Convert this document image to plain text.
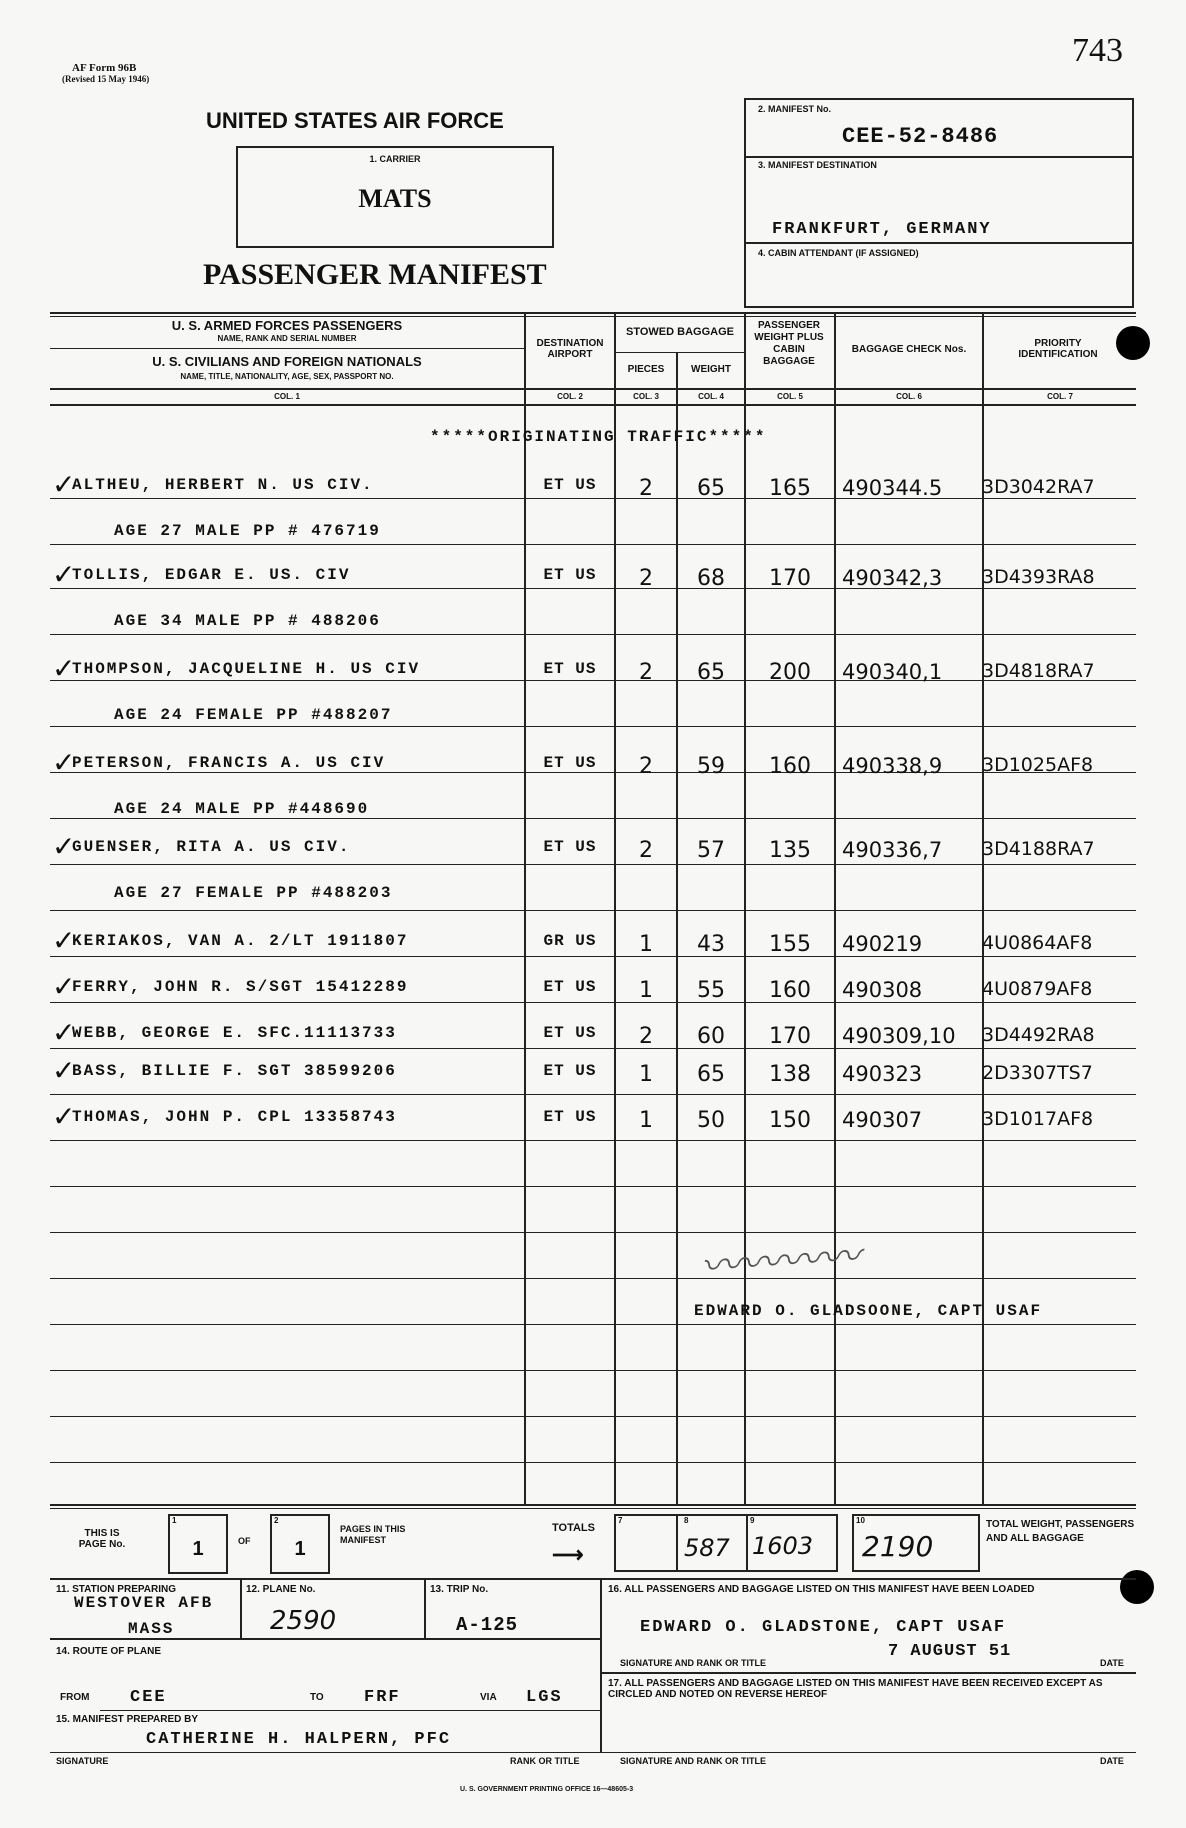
743
AF Form 96B
(Revised 15 May 1946)
UNITED STATES AIR FORCE
1. CARRIER
MATS
PASSENGER MANIFEST
2. MANIFEST No.
CEE-52-8486
3. MANIFEST DESTINATION
FRANKFURT, GERMANY
4. CABIN ATTENDANT (IF ASSIGNED)
U. S. ARMED FORCES PASSENGERS
NAME, RANK AND SERIAL NUMBER
U. S. CIVILIANS AND FOREIGN NATIONALS
NAME, TITLE, NATIONALITY, AGE, SEX, PASSPORT NO.
DESTINATION AIRPORT
STOWED BAGGAGE
PIECES	WEIGHT
PASSENGER WEIGHT PLUS CABIN BAGGAGE
BAGGAGE CHECK Nos.
PRIORITY IDENTIFICATION
COL. 1	COL. 2	COL. 3	COL. 4	COL. 5	COL. 6	COL. 7
*****ORIGINATING TRAFFIC*****
✓
ALTHEU, HERBERT N. US CIV.	ET US	2	65	165	490344.5 3D3042RA7
AGE 27 MALE PP # 476719
✓
TOLLIS, EDGAR E. US. CIV	ET US	2	68	170	490342,3 3D4393RA8
AGE 34 MALE PP # 488206
✓
THOMPSON, JACQUELINE H. US CIV	ET US	2	65	200	490340,1 3D4818RA7
AGE 24 FEMALE PP #488207
✓
PETERSON, FRANCIS A. US CIV	ET US	2	59	160	490338,9 3D1025AF8
AGE 24 MALE PP #448690
✓
GUENSER, RITA A. US CIV.	ET US	2	57	135	490336,7 3D4188RA7
AGE 27 FEMALE PP #488203
✓
KERIAKOS, VAN A. 2/LT 1911807	GR US	1	43	155	490219	4U0864AF8
✓
FERRY, JOHN R. S/SGT 15412289	ET US	1	55	160	490308	4U0879AF8
✓
WEBB, GEORGE E. SFC.11113733	ET US	2	60	170	490309,10 3D4492RA8
✓
BASS, BILLIE F. SGT 38599206	ET US	1	65	138	490323	2D3307TS7
✓
THOMAS, JOHN P. CPL 13358743	ET US	1	50	150	490307	3D1017AF8
〰〰〰〰
EDWARD O. GLADSOONE, CAPT USAF
THIS IS PAGE No.
1
1	OF
2
1
PAGES IN THIS MANIFEST
TOTALS
⟶
7	8	9
587 1603
10
2190
TOTAL WEIGHT, PASSENGERS AND ALL BAGGAGE
11. STATION PREPARING
WESTOVER AFB
MASS
12. PLANE No.
2590
13. TRIP No.
A-125
14. ROUTE OF PLANE
FROM CEE	TO FRF	VIA LGS
15. MANIFEST PREPARED BY
CATHERINE H. HALPERN, PFC
SIGNATURE	RANK OR TITLE
16. ALL PASSENGERS AND BAGGAGE LISTED ON THIS MANIFEST HAVE BEEN LOADED
EDWARD O. GLADSTONE, CAPT USAF
7 AUGUST 51
SIGNATURE AND RANK OR TITLE	DATE
17. ALL PASSENGERS AND BAGGAGE LISTED ON THIS MANIFEST HAVE BEEN RECEIVED EXCEPT AS CIRCLED AND NOTED ON REVERSE HEREOF
SIGNATURE AND RANK OR TITLE	DATE
U. S. GOVERNMENT PRINTING OFFICE 16—48605-3
